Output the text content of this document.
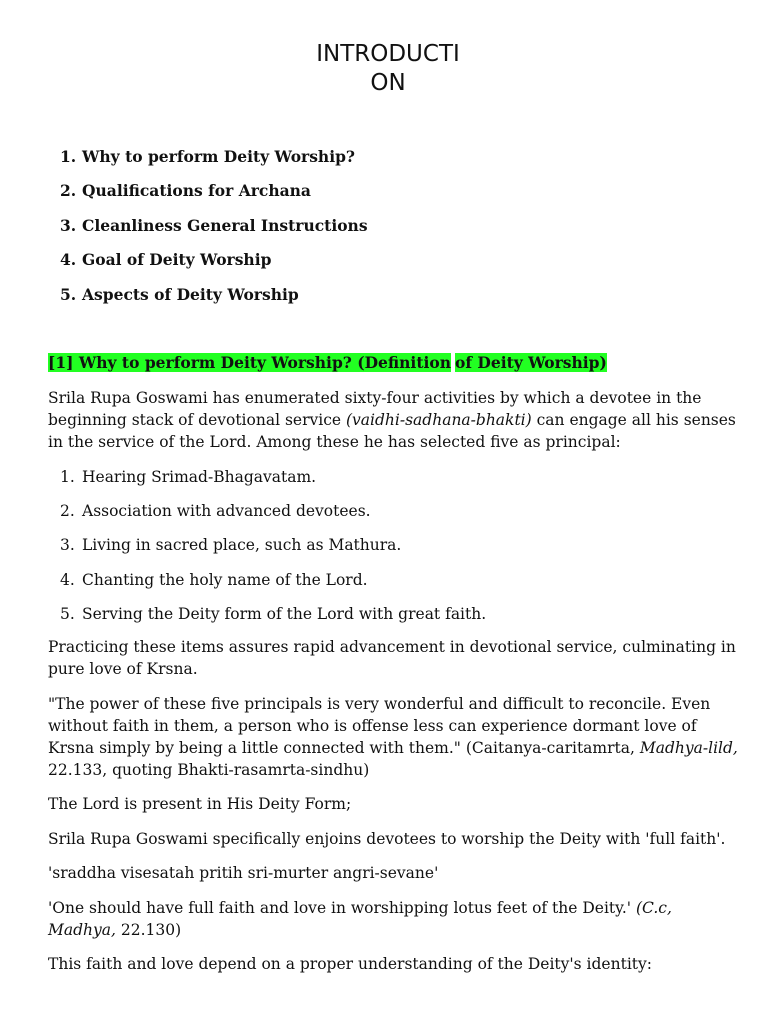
INTRODUCTI
ON
1. Why to perform Deity Worship?
2. Qualifications for Archana
3. Cleanliness General Instructions
4. Goal of Deity Worship
5. Aspects of Deity Worship
[1] Why to perform Deity Worship? (Definition of Deity Worship)

Srila Rupa Goswami has enumerated sixty-four activities by which a devotee in the beginning stack of devotional service (vaidhi-sadhana-bhakti) can engage all his senses in the service of the Lord. Among these he has selected five as principal:

1. Hearing Srimad-Bhagavatam.
2. Association with advanced devotees.
3. Living in sacred place, such as Mathura.
4. Chanting the holy name of the Lord.
5. Serving the Deity form of the Lord with great faith.

Practicing these items assures rapid advancement in devotional service, culminating in pure love of Krsna.

"The power of these five principals is very wonderful and difficult to reconcile. Even without faith in them, a person who is offense less can experience dormant love of Krsna simply by being a little connected with them." (Caitanya-caritamrta, Madhya-lild, 22.133, quoting Bhakti-rasamrta-sindhu)

The Lord is present in His Deity Form;

Srila Rupa Goswami specifically enjoins devotees to worship the Deity with 'full faith'.

'sraddha visesatah pritih sri-murter angri-sevane'

'One should have full faith and love in worshipping lotus feet of the Deity.' (C.c, Madhya, 22.130)

This faith and love depend on a proper understanding of the Deity's identity:
